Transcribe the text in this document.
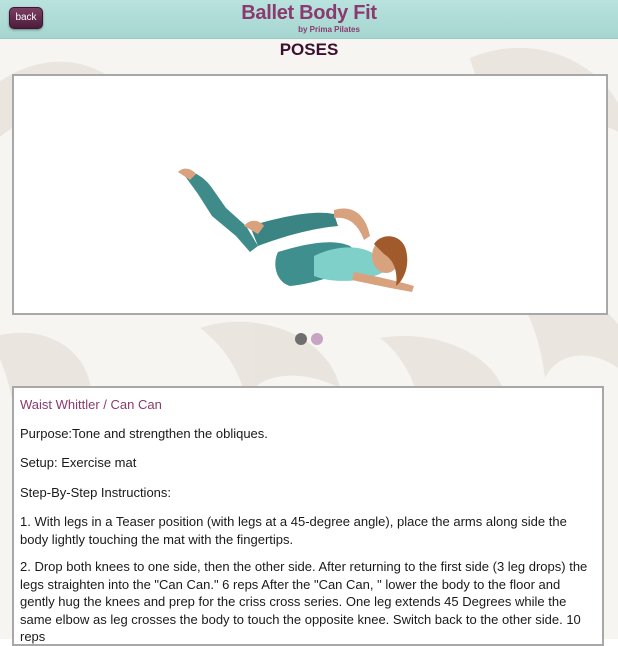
back	Ballet Body Fit
by Prima Pilates
POSES

Waist Whittler / Can Can

Purpose:Tone and strengthen the obliques.

Setup: Exercise mat

Step-By-Step Instructions:

1. With legs in a Teaser position (with legs at a 45-degree angle), place the arms along side the body lightly touching the mat with the fingertips.

2. Drop both knees to one side, then the other side. After returning to the first side (3 leg drops) the legs straighten into the "Can Can." 6 reps After the "Can Can, " lower the body to the floor and gently hug the knees and prep for the criss cross series. One leg extends 45 Degrees while the same elbow as leg crosses the body to touch the opposite knee. Switch back to the other side. 10 reps
